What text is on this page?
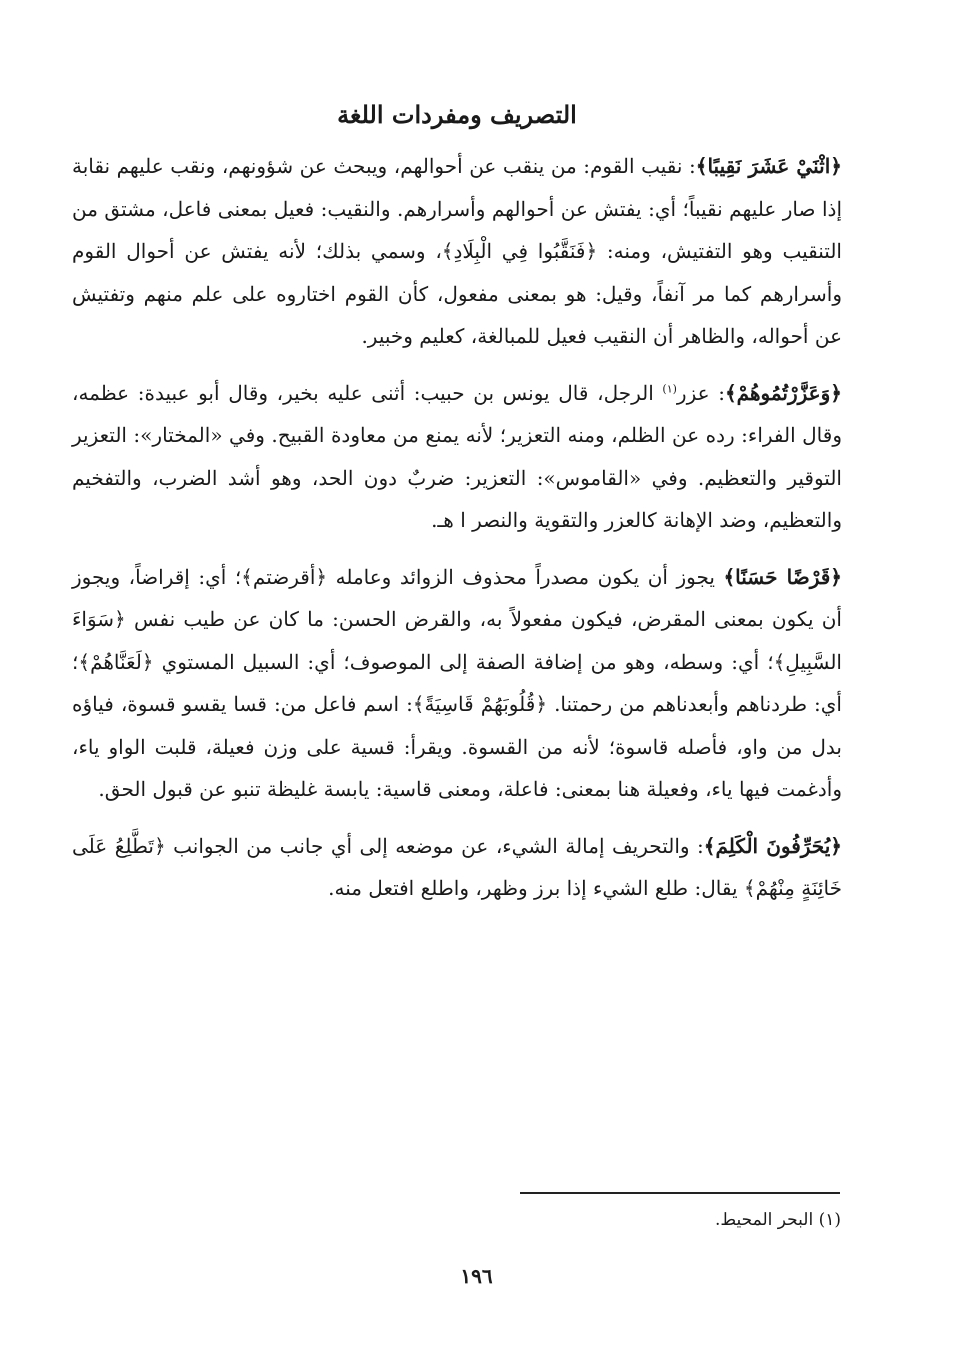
التصريف ومفردات اللغة

﴿اثْنَيْ عَشَرَ نَقِيبًا﴾: نقيب القوم: من ينقب عن أحوالهم، ويبحث عن شؤونهم، ونقب عليهم نقابة إذا صار عليهم نقيباً؛ أي: يفتش عن أحوالهم وأسرارهم. والنقيب: فعيل بمعنى فاعل، مشتق من التنقيب وهو التفتيش، ومنه: ﴿فَنَقَّبُوا فِي الْبِلَادِ﴾، وسمي بذلك؛ لأنه يفتش عن أحوال القوم وأسرارهم كما مر آنفاً، وقيل: هو بمعنى مفعول، كأن القوم اختاروه على علم منهم وتفتيش عن أحواله، والظاهر أن النقيب فعيل للمبالغة، كعليم وخبير.

﴿وَعَزَّرْتُمُوهُمْ﴾: عزر$^{(١)}$ الرجل، قال يونس بن حبيب: أثنى عليه بخير، وقال أبو عبيدة: عظمه، وقال الفراء: رده عن الظلم، ومنه التعزير؛ لأنه يمنع من معاودة القبيح. وفي «المختار»: التعزير التوقير والتعظيم. وفي «القاموس»: التعزير: ضربٌ دون الحد، وهو أشد الضرب، والتفخيم والتعظيم، وضد الإهانة كالعزر والتقوية والنصر ا هـ.

﴿قَرْضًا حَسَنًا﴾ يجوز أن يكون مصدراً محذوف الزوائد وعامله ﴿أقرضتم﴾؛ أي: إقراضاً، ويجوز أن يكون بمعنى المقرض، فيكون مفعولاً به، والقرض الحسن: ما كان عن طيب نفس ﴿سَوَاءَ السَّبِيلِ﴾؛ أي: وسطه، وهو من إضافة الصفة إلى الموصوف؛ أي: السبيل المستوي ﴿لَعَنَّاهُمْ﴾؛ أي: طردناهم وأبعدناهم من رحمتنا. ﴿قُلُوبَهُمْ قَاسِيَةً﴾: اسم فاعل من: قسا يقسو قسوة، فياؤه بدل من واو، فأصله قاسوة؛ لأنه من القسوة. ويقرأ: قسية على وزن فعيلة، قلبت الواو ياء، وأدغمت فيها ياء، وفعيلة هنا بمعنى: فاعلة، ومعنى قاسية: يابسة غليظة تنبو عن قبول الحق.

﴿يُحَرِّفُونَ الْكَلِمَ﴾: والتحريف إمالة الشيء، عن موضعه إلى أي جانب من الجوانب ﴿تَطَّلِعُ عَلَى خَائِنَةٍ مِنْهُمْ﴾ يقال: طلع الشيء إذا برز وظهر، واطلع افتعل منه.

(١) البحر المحيط.
١٩٦
